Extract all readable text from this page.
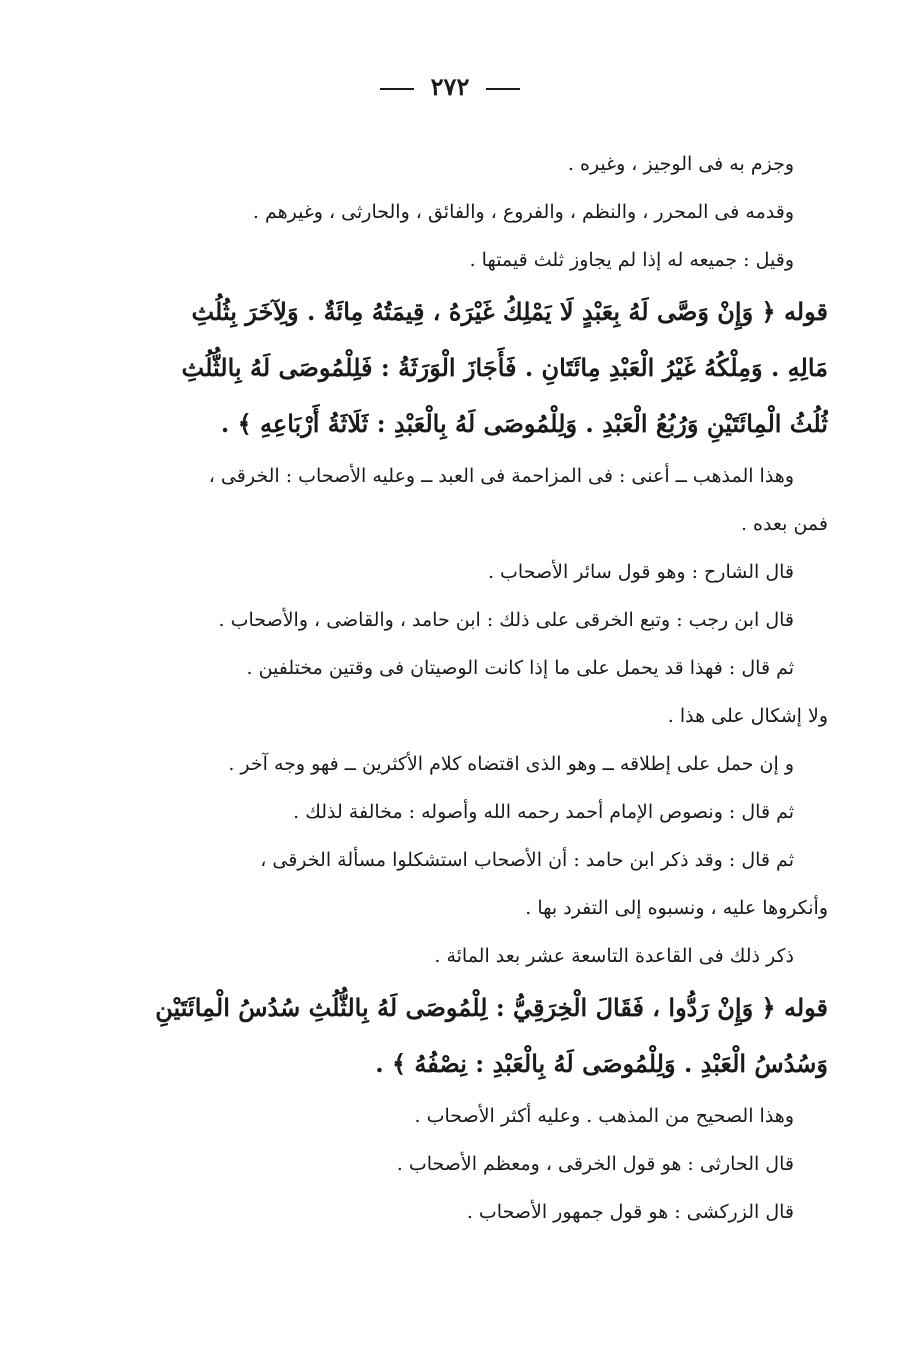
٢٧٢
وجزم به فى الوجيز ، وغيره .
وقدمه فى المحرر ، والنظم ، والفروع ، والفائق ، والحارثى ، وغيرهم .
وقيل : جميعه له إذا لم يجاوز ثلث قيمتها .
قوله ﴿ وَإِنْ وَصَّى لَهُ بِعَبْدٍ لَا يَمْلِكُ غَيْرَهُ ، قِيمَتُهُ مِائَةٌ . وَلِآخَرَ بِثُلُثِ
مَالِهِ . وَمِلْكُهُ غَيْرُ الْعَبْدِ مِائَتَانِ . فَأَجَازَ الْوَرَثَةُ : فَلِلْمُوصَى لَهُ بِالثُّلُثِ
ثُلُثُ الْمِائَتَيْنِ وَرُبُعُ الْعَبْدِ . وَلِلْمُوصَى لَهُ بِالْعَبْدِ : ثَلَاثَةُ أَرْبَاعِهِ ﴾ .
وهذا المذهب ــ أعنى : فى المزاحمة فى العبد ــ وعليه الأصحاب : الخرقى ،
فمن بعده .
قال الشارح : وهو قول سائر الأصحاب .
قال ابن رجب : وتبع الخرقى على ذلك : ابن حامد ، والقاضى ، والأصحاب .
ثم قال : فهذا قد يحمل على ما إذا كانت الوصيتان فى وقتين مختلفين .
ولا إشكال على هذا .
و إن حمل على إطلاقه ــ وهو الذى اقتضاه كلام الأكثرين ــ فهو وجه آخر .
ثم قال : ونصوص الإمام أحمد رحمه الله وأصوله : مخالفة لذلك .
ثم قال : وقد ذكر ابن حامد : أن الأصحاب استشكلوا مسألة الخرقى ،
وأنكروها عليه ، ونسبوه إلى التفرد بها .
ذكر ذلك فى القاعدة التاسعة عشر بعد المائة .
قوله ﴿ وَإِنْ رَدُّوا ، فَقَالَ الْخِرَقِيُّ : لِلْمُوصَى لَهُ بِالثُّلُثِ سُدُسُ الْمِائَتَيْنِ
وَسُدُسُ الْعَبْدِ . وَلِلْمُوصَى لَهُ بِالْعَبْدِ : نِصْفُهُ ﴾ .
وهذا الصحيح من المذهب . وعليه أكثر الأصحاب .
قال الحارثى : هو قول الخرقى ، ومعظم الأصحاب .
قال الزركشى : هو قول جمهور الأصحاب .
